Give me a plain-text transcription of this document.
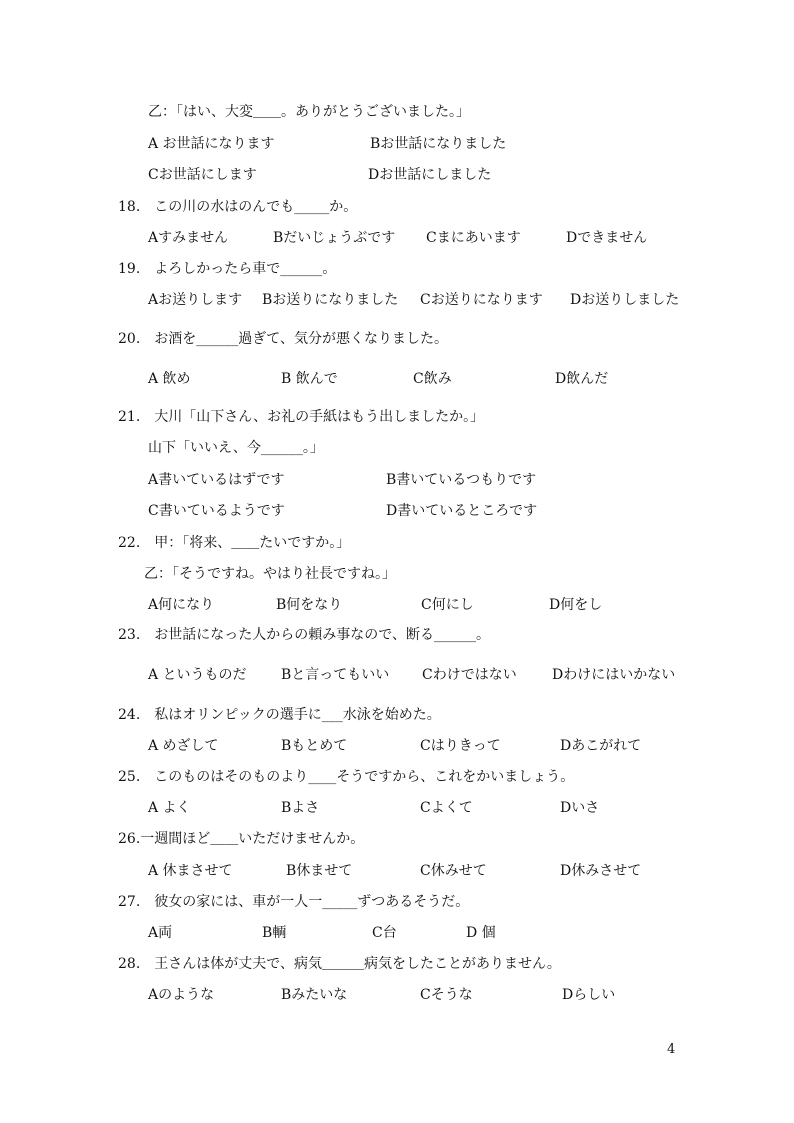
乙：「はい、大変＿＿。ありがとうございました。」
A お世話になります	Bお世話になりました
Cお世話にします	Dお世話にしました
18.　この川の水はのんでも_____か。
Aすみません	Bだいじょうぶです Cまにあいます	Dできません
19.　よろしかったら車で______。
Aお送りします Bお送りになりました Cお送りになります Dお送りしました
20.　お酒を______過ぎて、気分が悪くなりました。
A 飲め	B 飲んで	C飲み	D飲んだ
21.　大川「山下さん、お礼の手紙はもう出しましたか。」
山下「いいえ、今______。」
A書いているはずです	B書いているつもりです
C書いているようです	D書いているところです
22.　甲：「将来、＿＿たいですか。」
乙：「そうですね。やはり社長ですね。」
A何になり	B何をなり	C何にし	D何をし
23.　お世話になった人からの頼み事なので、断る______。
A というものだ Bと言ってもいい Cわけではない	Dわけにはいかない
24.　私はオリンピックの選手に___水泳を始めた。
A めざして	Bもとめて	Cはりきって	Dあこがれて
25.　このものはそのものより____そうですから、これをかいましょう。
A よく	Bよさ	Cよくて	Dいさ
26.一週間ほど＿＿いただけませんか。
A 休まさせて	B休ませて	C休みせて	D休みさせて
27.　彼女の家には、車が一人一_____ずつあるそうだ。
A両	B輌	C台	D 個
28.　王さんは体が丈夫で、病気＿＿＿病気をしたことがありません。
Aのような	Bみたいな	Cそうな	Dらしい
4
